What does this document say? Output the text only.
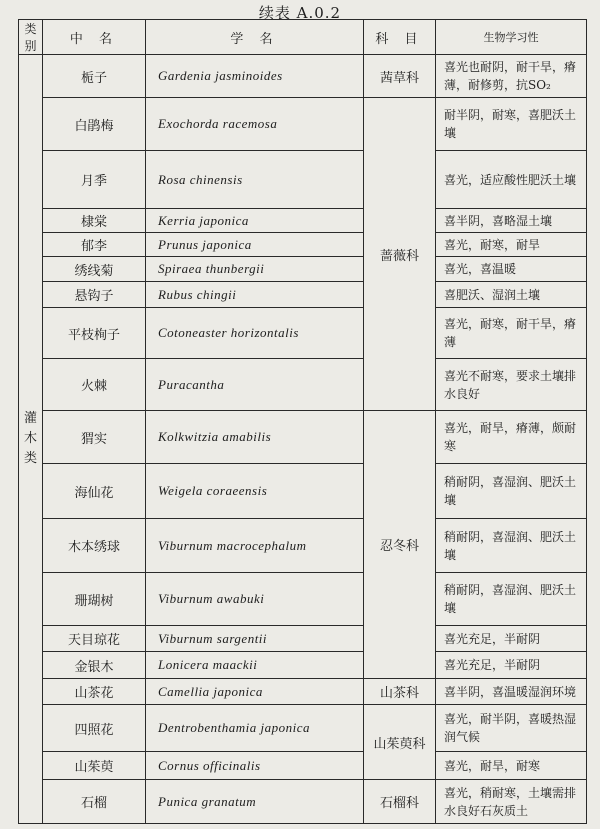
续表 A.0.2
类别	中 名	学 名	科 目	生物学习性

灌
木
类	栀子	Gardenia jasminoides	茜草科	喜光也耐阴，耐干旱，瘠薄，耐修剪，抗SO₂
	白鹃梅	Exochorda racemosa	蔷薇科	耐半阴，耐寒，喜肥沃土壤
	月季	Rosa chinensis		喜光，适应酸性肥沃土壤
	棣棠	Kerria japonica		喜半阴，喜略湿土壤
	郁李	Prunus japonica		喜光，耐寒，耐旱
	绣线菊	Spiraea thunbergii		喜光，喜温暖
	悬钩子	Rubus chingii		喜肥沃、湿润土壤
	平枝栒子	Cotoneaster horizontalis		喜光，耐寒，耐干旱，瘠薄
	火棘	Puracantha		喜光不耐寒，要求土壤排水良好
	猬实	Kolkwitzia amabilis	忍冬科	喜光，耐旱，瘠薄，颇耐寒
	海仙花	Weigela coraeensis		稍耐阴，喜湿润、肥沃土壤
	木本绣球	Viburnum macrocephalum		稍耐阴，喜湿润、肥沃土壤
	珊瑚树	Viburnum awabuki		稍耐阴，喜湿润、肥沃土壤
	天目琼花	Viburnum sargentii		喜光充足，半耐阴
	金银木	Lonicera maackii		喜光充足，半耐阴
	山茶花	Camellia japonica	山茶科	喜半阴，喜温暖湿润环境
	四照花	Dentrobenthamia japonica	山茱萸科	喜光，耐半阴，喜暖热湿润气候
	山茱萸	Cornus officinalis		喜光，耐旱，耐寒
	石榴	Punica granatum	石榴科	喜光，稍耐寒，土壤需排水良好石灰质土
